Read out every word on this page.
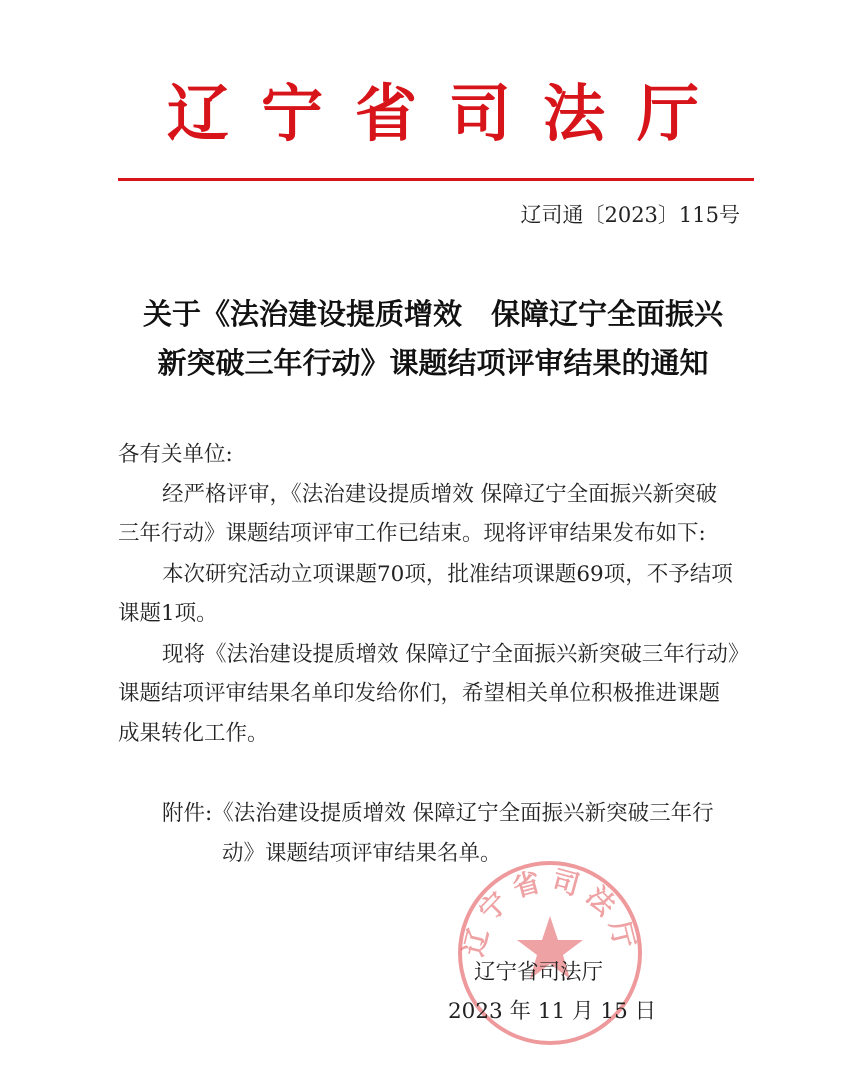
辽宁省司法厅
辽司通〔2023〕115号
关于《法治建设提质增效　保障辽宁全面振兴
新突破三年行动》课题结项评审结果的通知
各有关单位:
经严格评审，《法治建设提质增效 保障辽宁全面振兴新突破
三年行动》课题结项评审工作已结束。现将评审结果发布如下:
本次研究活动立项课题70项，批准结项课题69项，不予结项
课题1项。
现将《法治建设提质增效 保障辽宁全面振兴新突破三年行动》
课题结项评审结果名单印发给你们，希望相关单位积极推进课题
成果转化工作。
附件:《法治建设提质增效 保障辽宁全面振兴新突破三年行
动》课题结项评审结果名单。
辽宁省司法厅
辽宁省司法厅
2023 年 11 月 15 日
